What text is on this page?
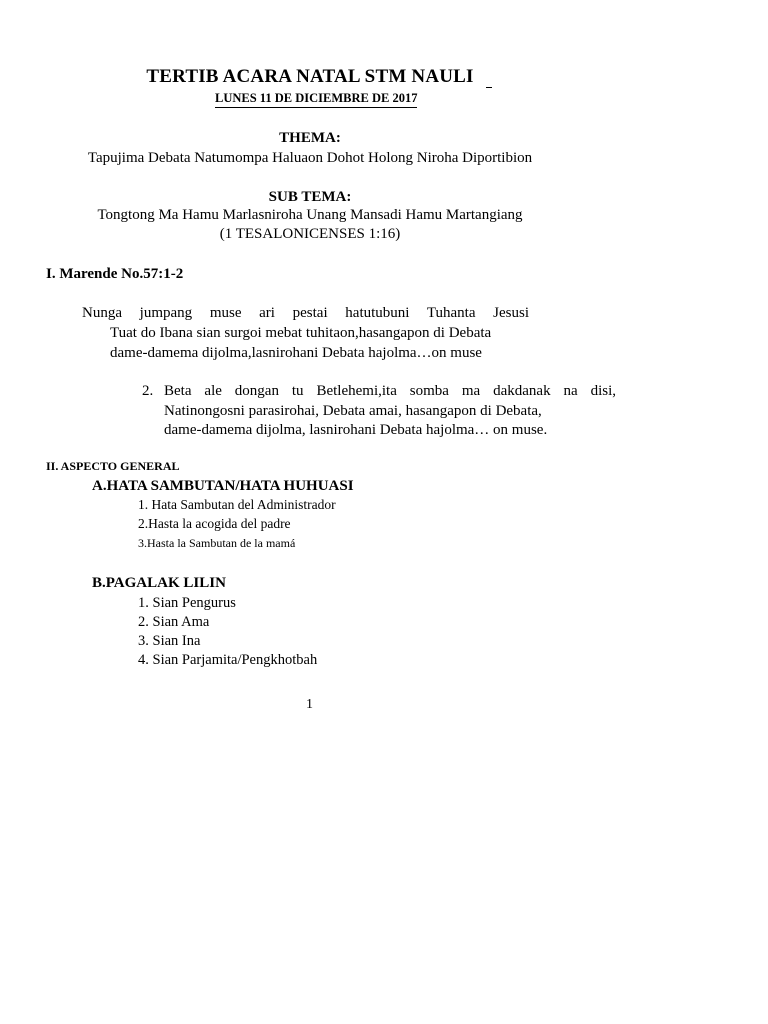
TERTIB ACARA NATAL STM NAULI
LUNES 11 DE DICIEMBRE DE 2017
THEMA:
Tapujima Debata Natumompa Haluaon Dohot Holong Niroha Diportibion
SUB TEMA:
Tongtong Ma Hamu Marlasniroha Unang Mansadi Hamu Martangiang
(1 TESALONICENSES 1:16)
I. Marende No.57:1-2
Nunga jumpang muse ari pestai hatutubuni Tuhanta Jesusi
Tuat do Ibana sian surgoi mebat tuhitaon,hasangapon di Debata
dame-damema dijolma,lasnirohani Debata hajolma…on muse
2. Beta ale dongan tu Betlehemi,ita somba ma dakdanak na disi,
Natinongosni parasirohai, Debata amai, hasangapon di Debata,
dame-damema dijolma, lasnirohani Debata hajolma… on muse.
II. ASPECTO GENERAL
A.HATA SAMBUTAN/HATA HUHUASI
1. Hata Sambutan del Administrador
2.Hasta la acogida del padre
3.Hasta la Sambutan de la mamá
B.PAGALAK LILIN
1. Sian Pengurus
2. Sian Ama
3. Sian Ina
4. Sian Parjamita/Pengkhotbah
1
